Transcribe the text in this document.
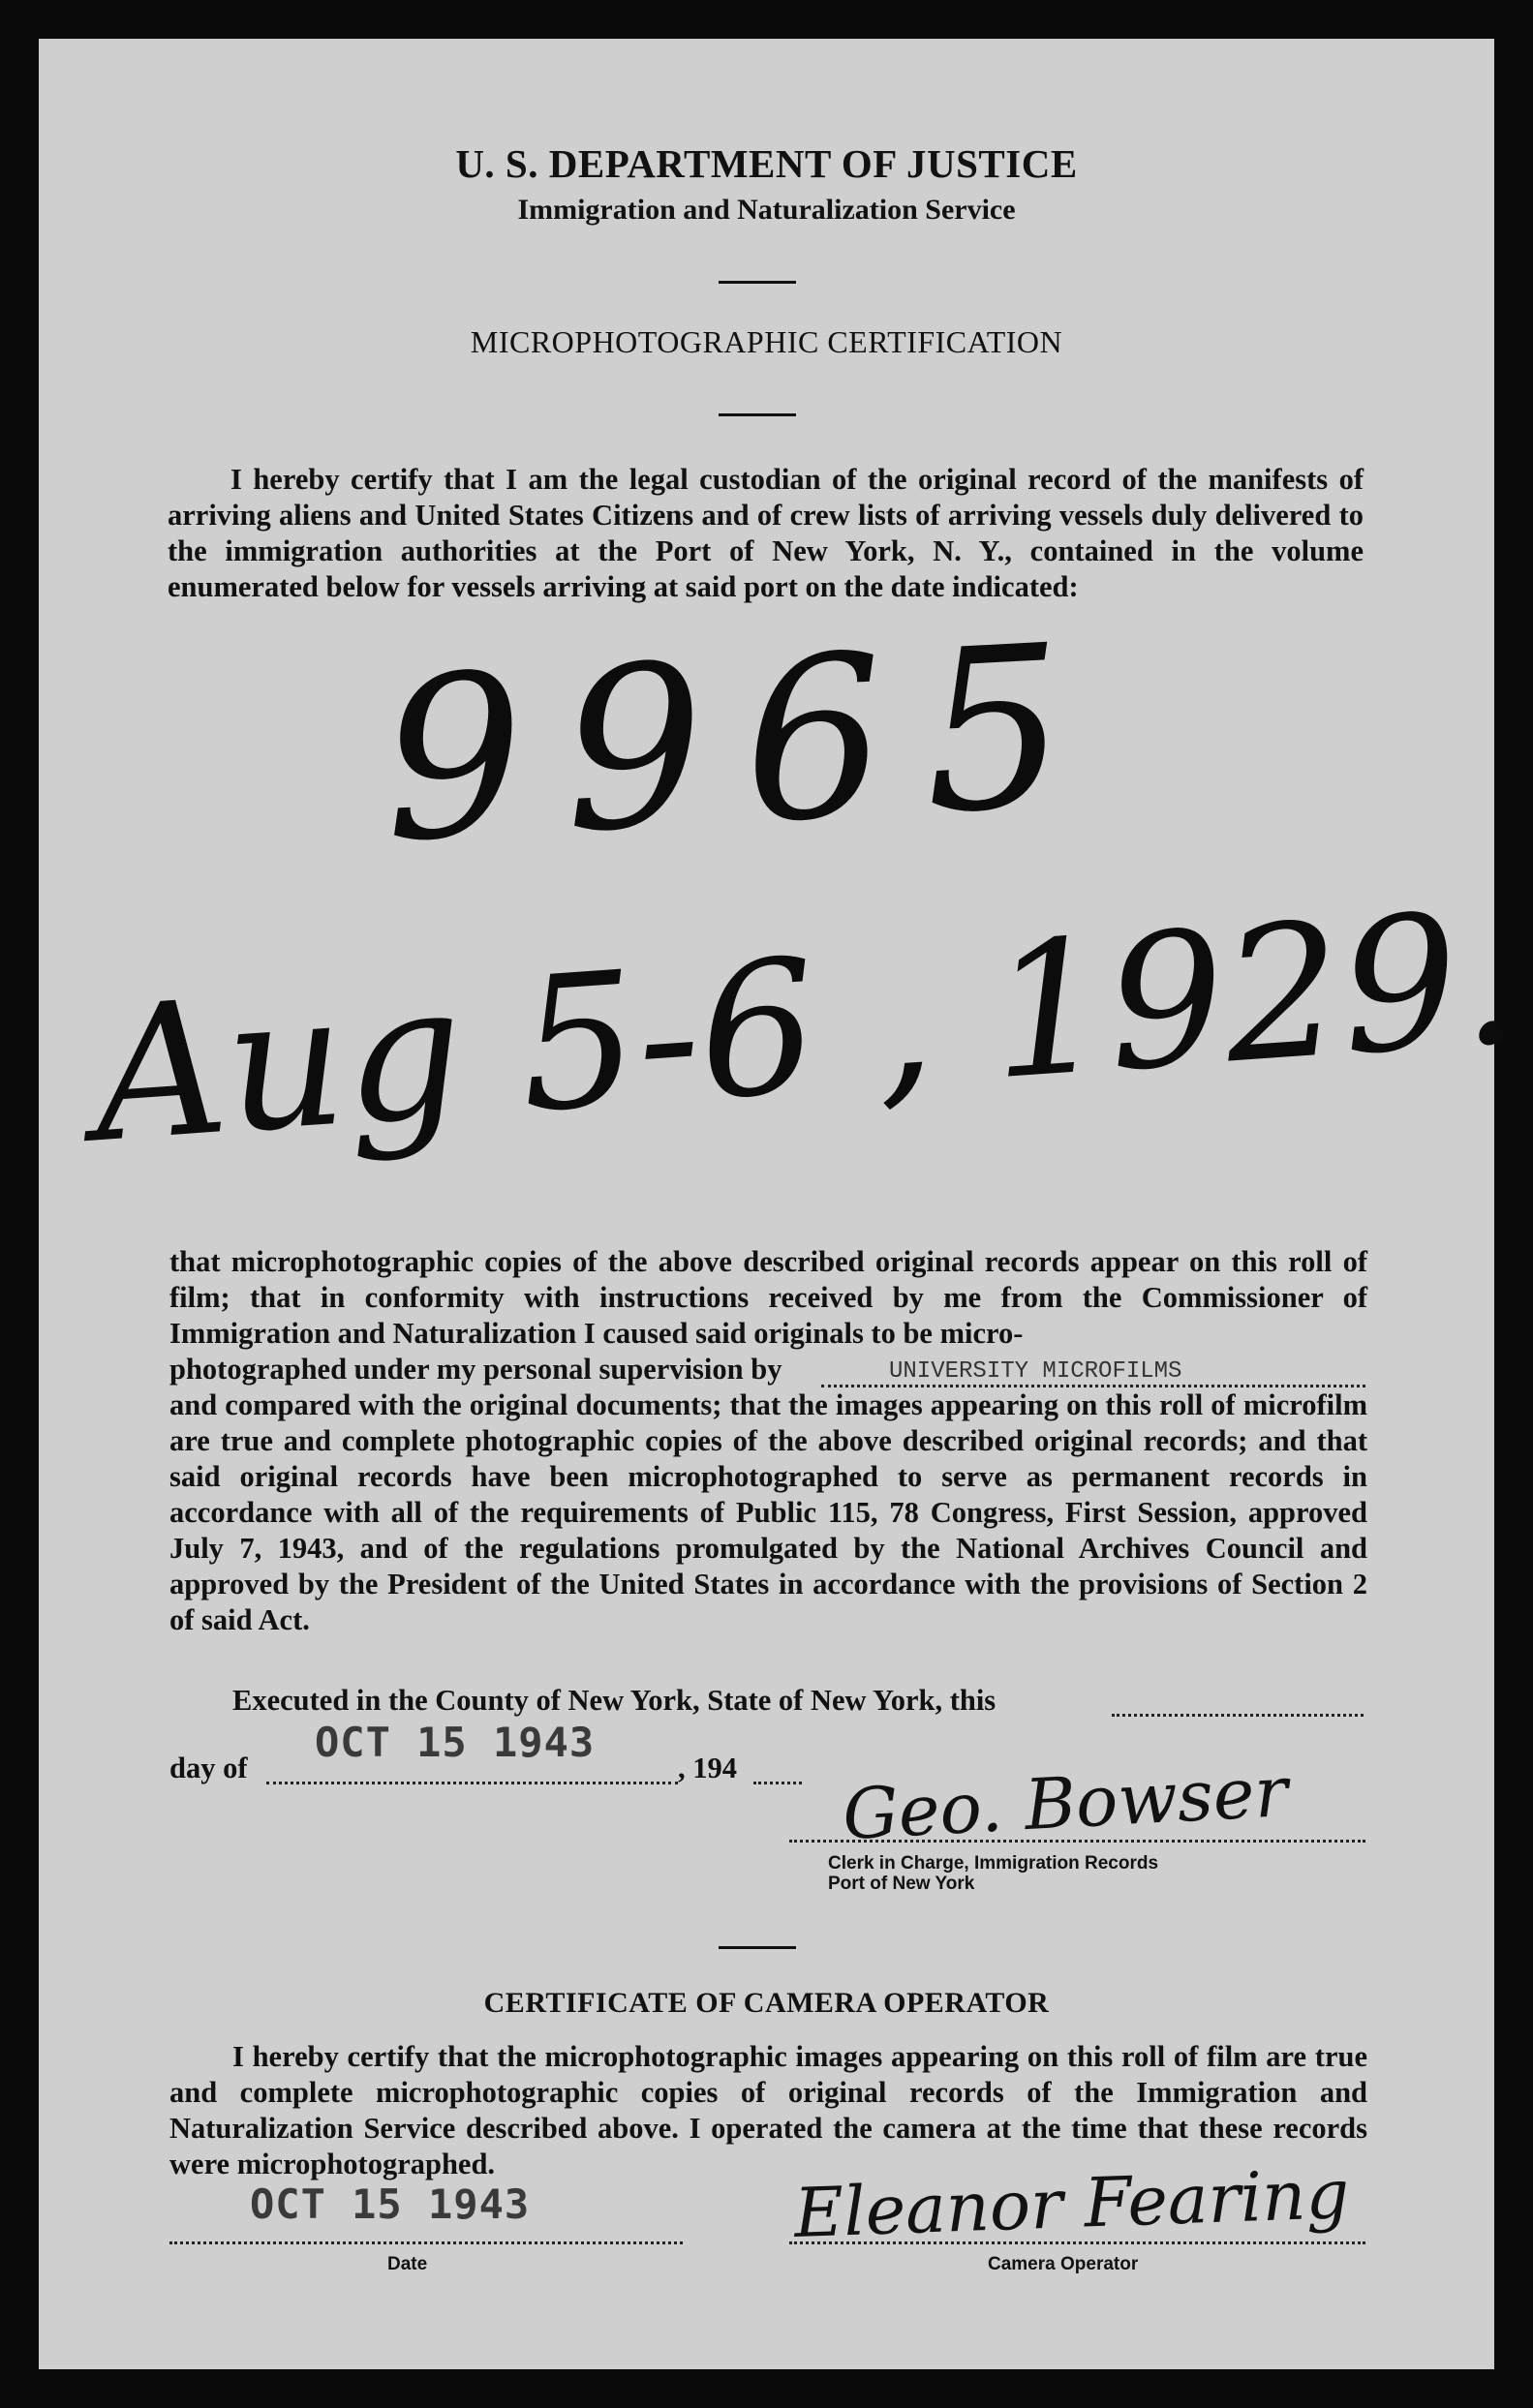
U. S. DEPARTMENT OF JUSTICE
Immigration and Naturalization Service
MICROPHOTOGRAPHIC CERTIFICATION
I hereby certify that I am the legal custodian of the original record of the manifests of arriving aliens and United States Citizens and of crew lists of arriving vessels duly delivered to the immigration authorities at the Port of New York, N. Y., contained in the volume enumerated below for vessels arriving at said port on the date indicated:
9965
Aug 5-6 , 1929.
that microphotographic copies of the above described original records appear on this roll of film; that in conformity with instructions received by me from the Commissioner of Immigration and Naturalization I caused said originals to be micro-
photographed under my personal supervision by	UNIVERSITY MICROFILMS
and compared with the original documents; that the images appearing on this roll of microfilm are true and complete photographic copies of the above described original records; and that said original records have been microphotographed to serve as permanent records in accordance with all of the requirements of Public 115, 78 Congress, First Session, approved July 7, 1943, and of the regulations promulgated by the National Archives Council and approved by the President of the United States in accordance with the provisions of Section 2 of said Act.
Executed in the County of New York, State of New York, this
day of
OCT 15 1943
, 194 Geo. Bowser
Clerk in Charge, Immigration Records
Port of New York
CERTIFICATE OF CAMERA OPERATOR
I hereby certify that the microphotographic images appearing on this roll of film are true and complete microphotographic copies of original records of the Immigration and Naturalization Service described above. I operated the camera at the time that these records were microphotographed.
OCT 15 1943
Date
Eleanor Fearing
Camera Operator
